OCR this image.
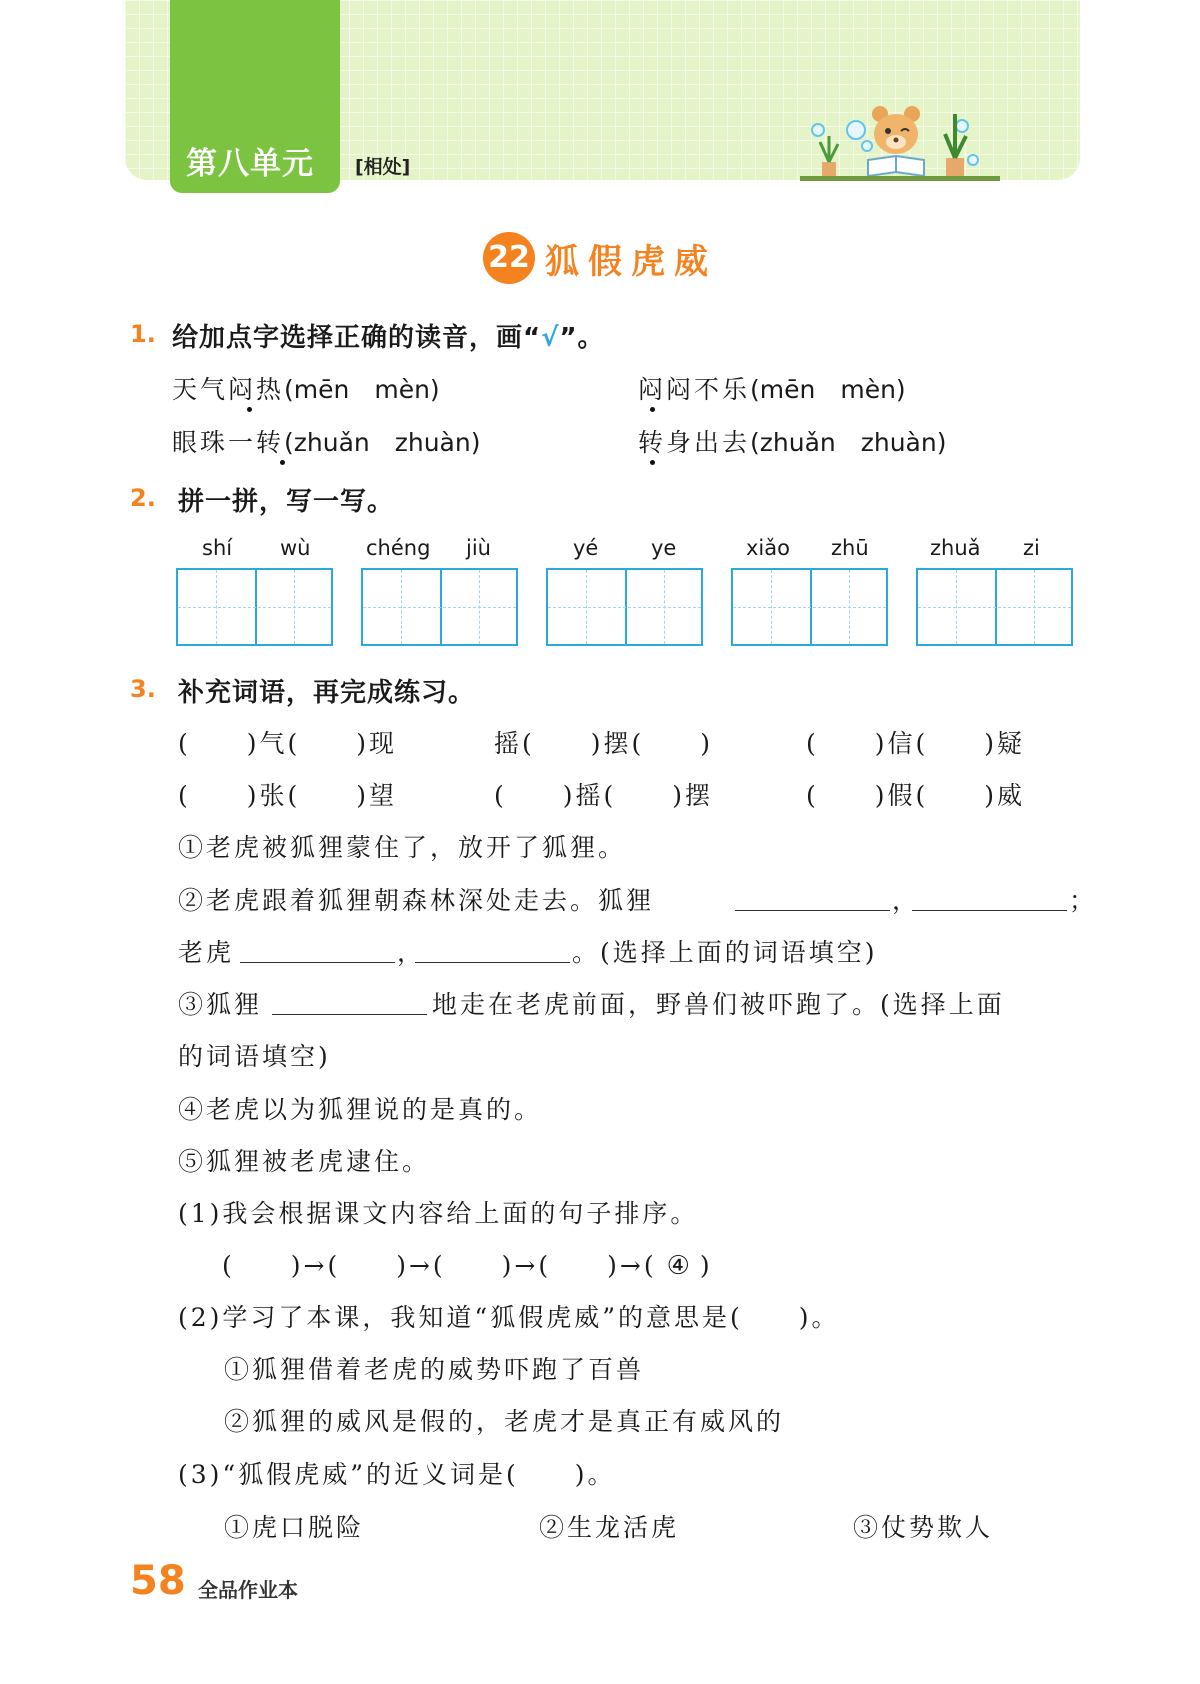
第八单元 [相处]
22 狐假虎威
1. 给加点字选择正确的读音，画“√”。
天气闷热(mēn　mèn)	闷闷不乐(mēn　mèn)
眼珠一转(zhuǎn　zhuàn)	转身出去(zhuǎn　zhuàn)
2. 拼一拼，写一写。
shí wù	chéng jiù	yé	ye	xiǎo zhū	zhuǎ zi
3. 补充词语，再完成练习。
(　　)气(　　)现	摇(　　)摆(　　)	(　　)信(　　)疑
(　　)张(　　)望	(　　)摇(　　)摆	(　　)假(　　)威
①老虎被狐狸蒙住了，放开了狐狸。
②老虎跟着狐狸朝森林深处走去。狐狸	，	；
老虎	，	。(选择上面的词语填空)
③狐狸	地走在老虎前面，野兽们被吓跑了。(选择上面
的词语填空)
④老虎以为狐狸说的是真的。
⑤狐狸被老虎逮住。
(1)我会根据课文内容给上面的句子排序。
(　　)→(　　)→(　　)→(　　)→( ④ )
(2)学习了本课，我知道“狐假虎威”的意思是(　　)。
①狐狸借着老虎的威势吓跑了百兽
②狐狸的威风是假的，老虎才是真正有威风的
(3)“狐假虎威”的近义词是(　　)。
①虎口脱险	②生龙活虎	③仗势欺人
58 全品作业本
